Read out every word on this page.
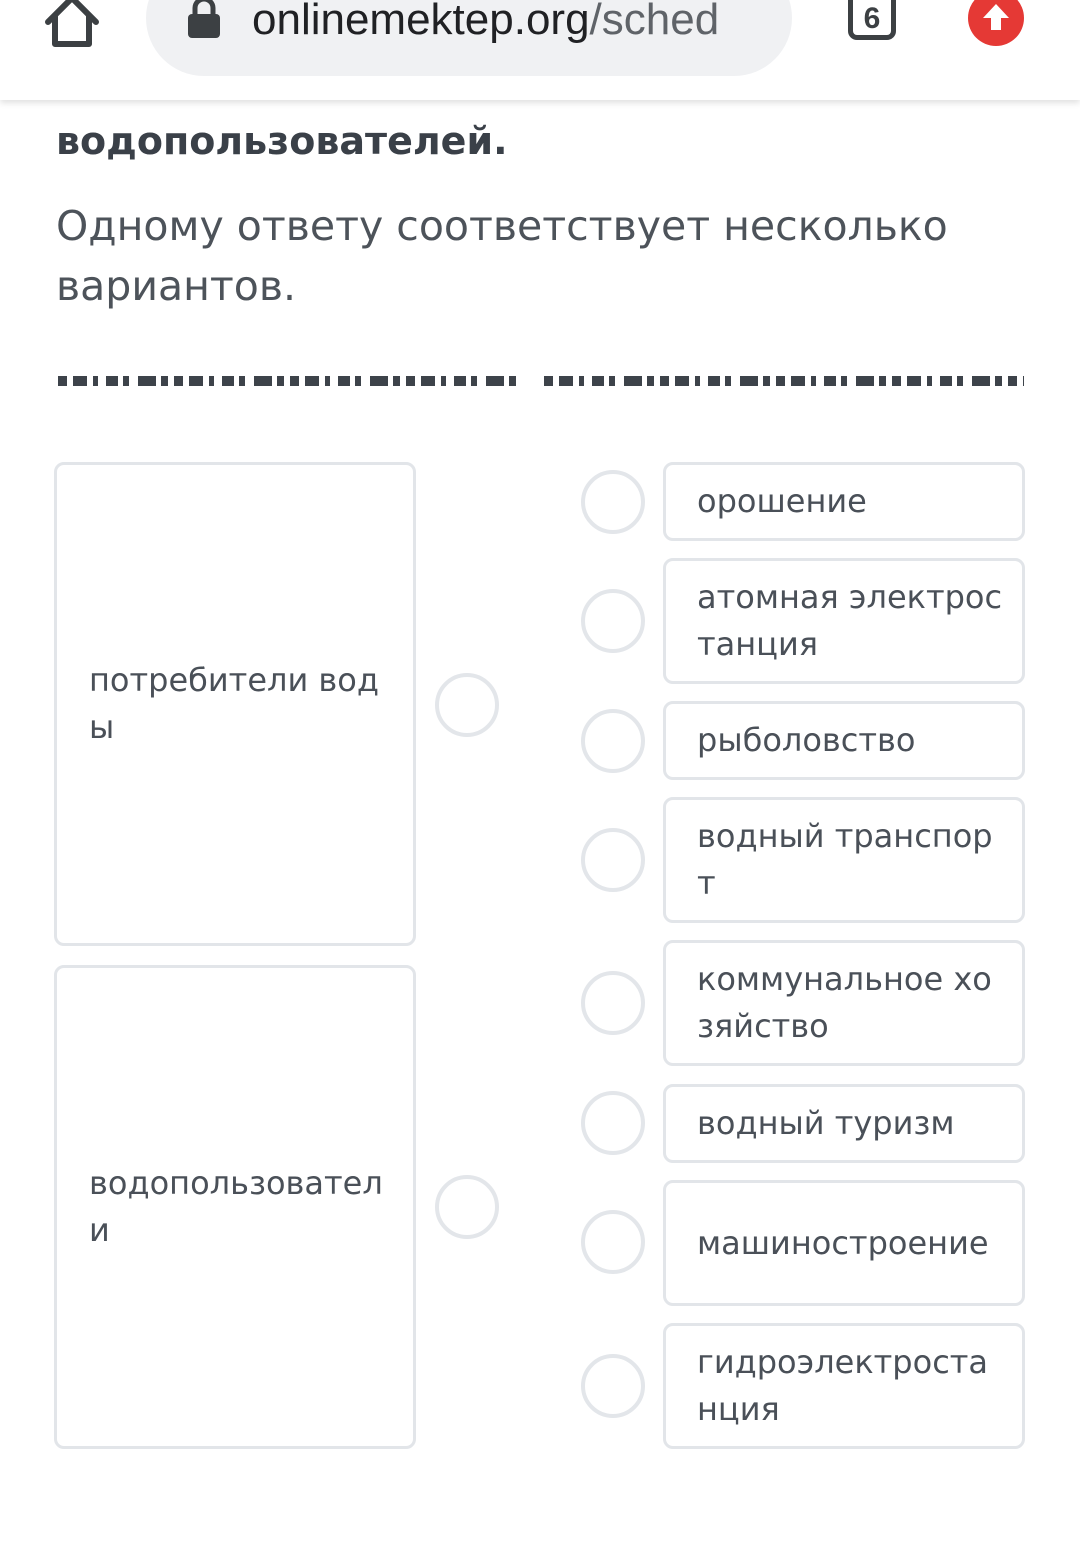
onlinemektep.org/sched	6
водопользователей.
Одному ответу соответствует несколько вариантов.
потребители воды
водопользователи
орошение
атомная электростанция
рыболовство
водный транспорт
коммунальное хозяйство
водный туризм
машиностроение
гидроэлектростанция
